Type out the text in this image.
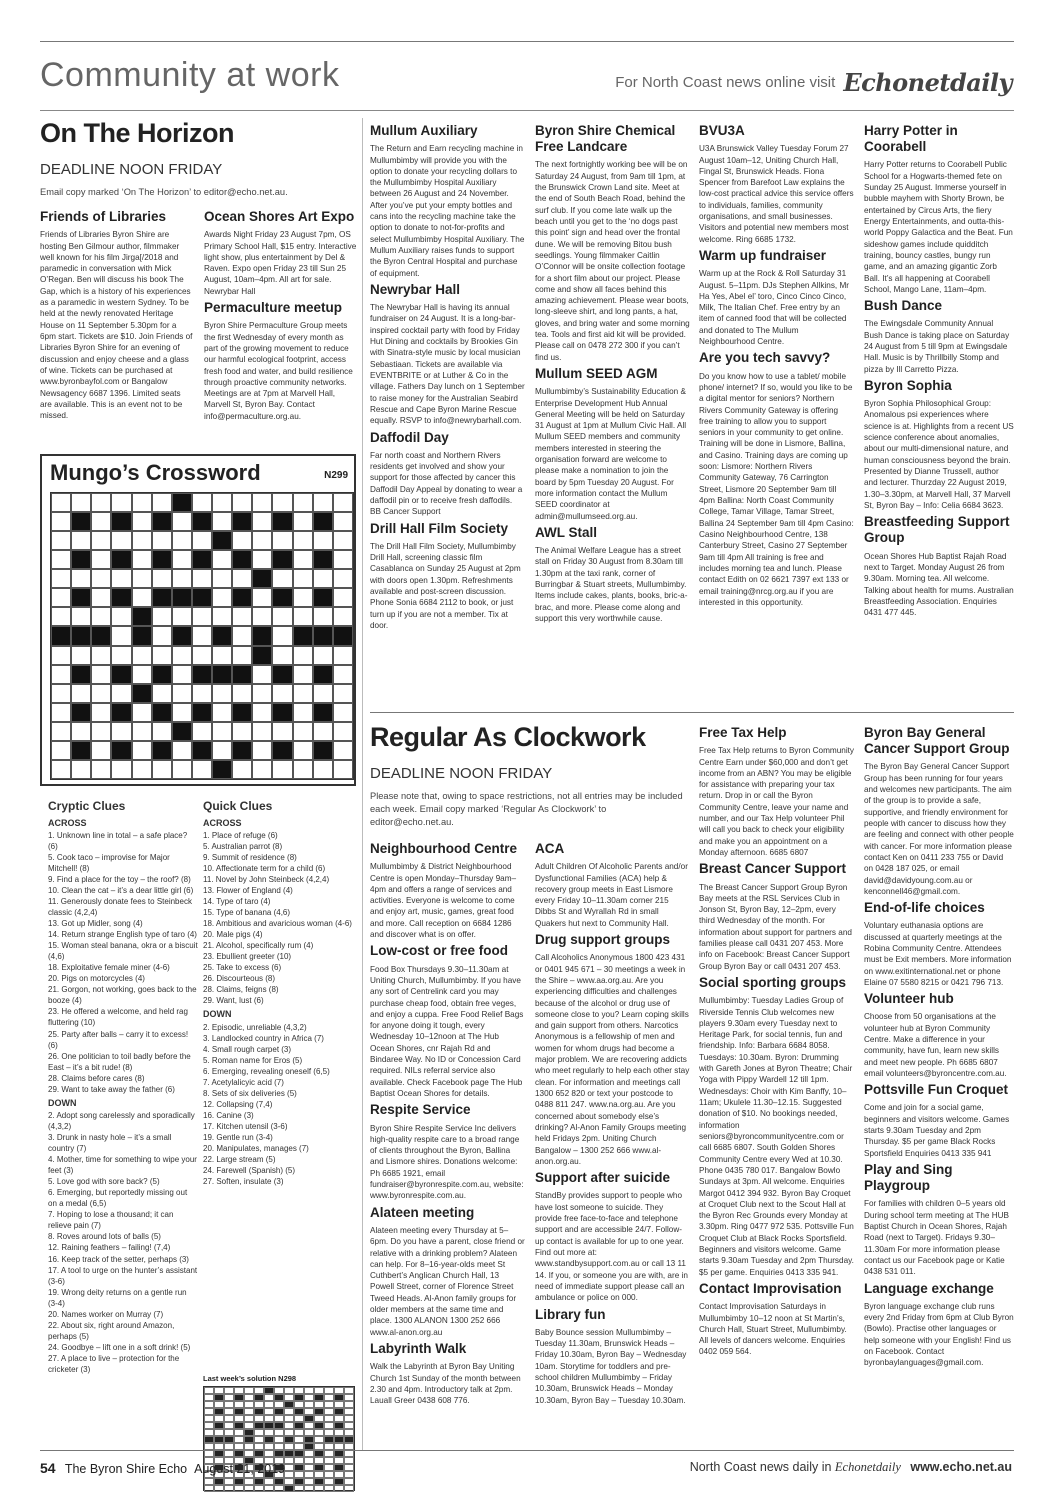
Community at work	For North Coast news online visit Echonetdaily
On The Horizon
DEADLINE NOON FRIDAY
Email copy marked ‘On The Horizon’ to editor@echo.net.au.
Friends of Libraries

Friends of Libraries Byron Shire are hosting Ben Gilmour author, filmmaker well known for his film Jirga[/2018 and paramedic in conversation with Mick O’Regan. Ben will discuss his book The Gap, which is a history of his experiences as a paramedic in western Sydney. To be held at the newly renovated Heritage House on 11 September 5.30pm for a 6pm start. Tickets are $10. Join Friends of Libraries Byron Shire for an evening of discussion and enjoy cheese and a glass of wine. Tickets can be purchased at www.byronbayfol.com or Bangalow Newsagency 6687 1396. Limited seats are available. This is an event not to be missed.

Ocean Shores Art Expo

Awards Night Friday 23 August 7pm, OS Primary School Hall, $15 entry. Interactive light show, plus entertainment by Del & Raven. Expo open Friday 23 till Sun 25 August, 10am–4pm. All art for sale. Newrybar Hall

Permaculture meetup

Byron Shire Permaculture Group meets the first Wednesday of every month as part of the growing movement to reduce our harmful ecological footprint, access fresh food and water, and build resilience through proactive community networks. Meetings are at 7pm at Marvell Hall, Marvell St, Byron Bay. Contact info@permaculture.org.au.

Mullum Auxiliary

The Return and Earn recycling machine in Mullumbimby will provide you with the option to donate your recycling dollars to the Mullumbimby Hospital Auxiliary between 26 August and 24 November. After you’ve put your empty bottles and cans into the recycling machine take the option to donate to not-for-profits and select Mullumbimby Hospital Auxiliary. The Mullum Auxiliary raises funds to support the Byron Central Hospital and purchase of equipment.

Newrybar Hall

The Newrybar Hall is having its annual fundraiser on 24 August. It is a long-bar-inspired cocktail party with food by Friday Hut Dining and cocktails by Brookies Gin with Sinatra-style music by local musician Sebastiaan. Tickets are available via EVENTBRITE or at Luther & Co in the village. Fathers Day lunch on 1 September to raise money for the Australian Seabird Rescue and Cape Byron Marine Rescue equally. RSVP to info@newrybarhall.com.

Daffodil Day

Far north coast and Northern Rivers residents get involved and show your support for those affected by cancer this Daffodil Day Appeal by donating to wear a daffodil pin or to receive fresh daffodils. BB Cancer Support

Drill Hall Film Society

The Drill Hall Film Society, Mullumbimby Drill Hall, screening classic film Casablanca on Sunday 25 August at 2pm with doors open 1.30pm. Refreshments available and post-screen discussion. Phone Sonia 6684 2112 to book, or just turn up if you are not a member. Tix at door.

Byron Shire Chemical Free Landcare

The next fortnightly working bee will be on Saturday 24 August, from 9am till 1pm, at the Brunswick Crown Land site. Meet at the end of South Beach Road, behind the surf club. If you come late walk up the beach until you get to the ‘no dogs past this point’ sign and head over the frontal dune. We will be removing Bitou bush seedlings. Young filmmaker Caitlin O’Connor will be onsite collection footage for a short film about our project. Please come and show all faces behind this amazing achievement. Please wear boots, long-sleeve shirt, and long pants, a hat, gloves, and bring water and some morning tea. Tools and first aid kit will be provided. Please call on 0478 272 300 if you can’t find us.

Mullum SEED AGM

Mullumbimby’s Sustainability Education & Enterprise Development Hub Annual General Meeting will be held on Saturday 31 August at 1pm at Mullum Civic Hall. All Mullum SEED members and community members interested in steering the organisation forward are welcome to please make a nomination to join the board by 5pm Tuesday 20 August. For more information contact the Mullum SEED coordinator at admin@mullumseed.org.au.

AWL Stall

The Animal Welfare League has a street stall on Friday 30 August from 8.30am till 1.30pm at the taxi rank, corner of Burringbar & Stuart streets, Mullumbimby. Items include cakes, plants, books, bric-a-brac, and more. Please come along and support this very worthwhile cause.

BVU3A

U3A Brunswick Valley Tuesday Forum 27 August 10am–12, Uniting Church Hall, Fingal St, Brunswick Heads. Fiona Spencer from Barefoot Law explains the low-cost practical advice this service offers to individuals, families, community organisations, and small businesses. Visitors and potential new members most welcome. Ring 6685 1732.

Warm up fundraiser

Warm up at the Rock & Roll Saturday 31 August. 5–11pm. DJs Stephen Allkins, Mr Ha Yes, Abel el’ toro, Cinco Cinco Cinco, Milk, The Italian Chef. Free entry by an item of canned food that will be collected and donated to The Mullum Neighbourhood Centre.

Are you tech savvy?

Do you know how to use a tablet/ mobile phone/ internet? If so, would you like to be a digital mentor for seniors? Northern Rivers Community Gateway is offering free training to allow you to support seniors in your community to get online. Training will be done in Lismore, Ballina, and Casino. Training days are coming up soon: Lismore: Northern Rivers Community Gateway, 76 Carrington Street, Lismore 20 September 9am till 4pm Ballina: North Coast Community College, Tamar Village, Tamar Street, Ballina 24 September 9am till 4pm Casino: Casino Neighbourhood Centre, 138 Canterbury Street, Casino 27 September 9am till 4pm All training is free and includes morning tea and lunch. Please contact Edith on 02 6621 7397 ext 133 or email training@nrcg.org.au if you are interested in this opportunity.

Harry Potter in Coorabell

Harry Potter returns to Coorabell Public School for a Hogwarts-themed fete on Sunday 25 August. Immerse yourself in bubble mayhem with Shorty Brown, be entertained by Circus Arts, the fiery Energy Entertainments, and outta-this-world Poppy Galactica and the Beat. Fun sideshow games include quidditch training, bouncy castles, bungy run game, and an amazing gigantic Zorb Ball. It’s all happening at Coorabell School, Mango Lane, 11am–4pm.

Bush Dance

The Ewingsdale Community Annual Bush Dance is taking place on Saturday 24 August from 5 till 9pm at Ewingsdale Hall. Music is by Thrillbilly Stomp and pizza by Ill Carretto Pizza.

Byron Sophia

Byron Sophia Philosophical Group: Anomalous psi experiences where science is at. Highlights from a recent US science conference about anomalies, about our multi-dimensional nature, and human consciousness beyond the brain. Presented by Dianne Trussell, author and lecturer. Thurzday 22 August 2019, 1.30–3.30pm, at Marvell Hall, 37 Marvell St, Byron Bay – Info: Celia 6684 3623.

Breastfeeding Support Group

Ocean Shores Hub Baptist Rajah Road next to Target. Monday August 26 from 9.30am. Morning tea. All welcome. Talking about health for mums. Australian Breastfeeding Association. Enquiries 0431 477 445.

Mungo’s Crossword	N299
Cryptic Clues
ACROSS
1. Unknown line in total – a safe place? (6)
5. Cook taco – improvise for Major Mitchell! (8)
9. Find a place for the toy – the roof? (8)
10. Clean the cat – it’s a dear little girl (6)
11. Generously donate fees to Steinbeck classic (4,2,4)
13. Got up Midler, song (4)
14. Return strange English type of taro (4)
15. Woman steal banana, okra or a biscuit (4,6)
18. Exploitative female miner (4-6)
20. Pigs on motorcycles (4)
21. Gorgon, not working, goes back to the booze (4)
23. He offered a welcome, and held rag fluttering (10)
25. Party after balls – carry it to excess! (6)
26. One politician to toil badly before the East – it’s a bit rude! (8)
28. Claims before cares (8)
29. Want to take away the father (6)
DOWN
2. Adopt song carelessly and sporadically (4,3,2)
3. Drunk in nasty hole – it’s a small country (7)
4. Mother, time for something to wipe your feet (3)
5. Love god with sore back? (5)
6. Emerging, but reportedly missing out on a medal (6,5)
7. Hoping to lose a thousand; it can relieve pain (7)
8. Roves around lots of balls (5)
12. Raining feathers – failing! (7,4)
16. Keep track of the setter, perhaps (3)
17. A tool to urge on the hunter’s assistant (3-6)
19. Wrong deity returns on a gentle run (3-4)
20. Names worker on Murray (7)
22. About six, right around Amazon, perhaps (5)
24. Goodbye – lift one in a soft drink! (5)
27. A place to live – protection for the cricketer (3)
Quick Clues
ACROSS
1. Place of refuge (6)
5. Australian parrot (8)
9. Summit of residence (8)
10. Affectionate term for a child (6)
11. Novel by John Steinbeck (4,2,4)
13. Flower of England (4)
14. Type of taro (4)
15. Type of banana (4,6)
18. Ambitious and avaricious woman (4-6)
20. Male pigs (4)
21. Alcohol, specifically rum (4)
23. Ebullient greeter (10)
25. Take to excess (6)
26. Discourteous (8)
28. Claims, feigns (8)
29. Want, lust (6)
DOWN
2. Episodic, unreliable (4,3,2)
3. Landlocked country in Africa (7)
4. Small rough carpet (3)
5. Roman name for Eros (5)
6. Emerging, revealing oneself (6,5)
7. Acetylalicyic acid (7)
8. Sets of six deliveries (5)
12. Collapsing (7,4)
16. Canine (3)
17. Kitchen utensil (3-6)
19. Gentle run (3-4)
20. Manipulates, manages (7)
22. Large stream (5)
24. Farewell (Spanish) (5)
27. Soften, insulate (3)
Last week’s solution N298
Regular As Clockwork
DEADLINE NOON FRIDAY
Please note that, owing to space restrictions, not all entries may be included each week. Email copy marked ‘Regular As Clockwork’ to editor@echo.net.au.
Neighbourhood Centre

Mullumbimby & District Neighbourhood Centre is open Monday–Thursday 9am–4pm and offers a range of services and activities. Everyone is welcome to come and enjoy art, music, games, great food and more. Call reception on 6684 1286 and discover what is on offer.

Low-cost or free food

Food Box Thursdays 9.30–11.30am at Uniting Church, Mullumbimby. If you have any sort of Centrelink card you may purchase cheap food, obtain free veges, and enjoy a cuppa. Free Food Relief Bags for anyone doing it tough, every Wednesday 10–12noon at The Hub Ocean Shores, cnr Rajah Rd and Bindaree Way. No ID or Concession Card required. NILs referral service also available. Check Facebook page The Hub Baptist Ocean Shores for details.

Respite Service

Byron Shire Respite Service Inc delivers high-quality respite care to a broad range of clients throughout the Byron, Ballina and Lismore shires. Donations welcome: Ph 6685 1921, email fundraiser@byronrespite.com.au, website: www.byronrespite.com.au.

Alateen meeting

Alateen meeting every Thursday at 5–6pm. Do you have a parent, close friend or relative with a drinking problem? Alateen can help. For 8–16-year-olds meet St Cuthbert’s Anglican Church Hall, 13 Powell Street, corner of Florence Street Tweed Heads. Al-Anon family groups for older members at the same time and place. 1300 ALANON 1300 252 666 www.al-anon.org.au

Labyrinth Walk

Walk the Labyrinth at Byron Bay Uniting Church 1st Sunday of the month between 2.30 and 4pm. Introductory talk at 2pm. Lauall Greer 0438 608 776.

ACA

Adult Children Of Alcoholic Parents and/or Dysfunctional Families (ACA) help & recovery group meets in East Lismore every Friday 10–11.30am corner 215 Dibbs St and Wyrallah Rd in small Quakers hut next to Community Hall.

Drug support groups

Call Alcoholics Anonymous 1800 423 431 or 0401 945 671 – 30 meetings a week in the Shire – www.aa.org.au. Are you experiencing difficulties and challenges because of the alcohol or drug use of someone close to you? Learn coping skills and gain support from others. Narcotics Anonymous is a fellowship of men and women for whom drugs had become a major problem. We are recovering addicts who meet regularly to help each other stay clean. For information and meetings call 1300 652 820 or text your postcode to 0488 811 247. www.na.org.au. Are you concerned about somebody else’s drinking? Al-Anon Family Groups meeting held Fridays 2pm. Uniting Church Bangalow – 1300 252 666 www.al-anon.org.au.

Support after suicide

StandBy provides support to people who have lost someone to suicide. They provide free face-to-face and telephone support and are accessible 24/7. Follow-up contact is available for up to one year. Find out more at: www.standbysupport.com.au or call 13 11 14. If you, or someone you are with, are in need of immediate support please call an ambulance or police on 000.

Library fun

Baby Bounce session Mullumbimby – Tuesday 11.30am, Brunswick Heads – Friday 10.30am, Byron Bay – Wednesday 10am. Storytime for toddlers and pre-school children Mullumbimby – Friday 10.30am, Brunswick Heads – Monday 10.30am, Byron Bay – Tuesday 10.30am.

Free Tax Help

Free Tax Help returns to Byron Community Centre Earn under $60,000 and don’t get income from an ABN? You may be eligible for assistance with preparing your tax return. Drop in or call the Byron Community Centre, leave your name and number, and our Tax Help volunteer Phil will call you back to check your eligibility and make you an appointment on a Monday afternoon. 6685 6807

Breast Cancer Support

The Breast Cancer Support Group Byron Bay meets at the RSL Services Club in Jonson St, Byron Bay, 12–2pm, every third Wednesday of the month. For information about support for partners and families please call 0431 207 453. More info on Facebook: Breast Cancer Support Group Byron Bay or call 0431 207 453.

Social sporting groups

Mullumbimby: Tuesday Ladies Group of Riverside Tennis Club welcomes new players 9.30am every Tuesday next to Heritage Park, for social tennis, fun and friendship. Info: Barbara 6684 8058. Tuesdays: 10.30am. Byron: Drumming with Gareth Jones at Byron Theatre; Chair Yoga with Pippy Wardell 12 till 1pm. Wednesdays: Choir with Kim Banffy, 10–11am; Ukulele 11.30–12.15. Suggested donation of $10. No bookings needed, information seniors@byroncommunitycentre.com or call 6685 6807. South Golden Shores Community Centre every Wed at 10.30. Phone 0435 780 017. Bangalow Bowlo Sundays at 3pm. All welcome. Enquiries Margot 0412 394 932. Byron Bay Croquet at Croquet Club next to the Scout Hall at the Byron Rec Grounds every Monday at 3.30pm. Ring 0477 972 535. Pottsville Fun Croquet Club at Black Rocks Sportsfield. Beginners and visitors welcome. Game starts 9.30am Tuesday and 2pm Thursday. $5 per game. Enquiries 0413 335 941.

Contact Improvisation

Contact Improvisation Saturdays in Mullumbimby 10–12 noon at St Martin’s, Church Hall, Stuart Street, Mullumbimby. All levels of dancers welcome. Enquiries 0402 059 564.

Byron Bay General Cancer Support Group

The Byron Bay General Cancer Support Group has been running for four years and welcomes new participants. The aim of the group is to provide a safe, supportive, and friendly environment for people with cancer to discuss how they are feeling and connect with other people with cancer. For more information please contact Ken on 0411 233 755 or David on 0428 187 025, or email david@davidyoung.com.au or kenconnell46@gmail.com.

End-of-life choices

Voluntary euthanasia options are discussed at quarterly meetings at the Robina Community Centre. Attendees must be Exit members. More information on www.exitinternational.net or phone Elaine 07 5580 8215 or 0421 796 713.

Volunteer hub

Choose from 50 organisations at the volunteer hub at Byron Community Centre. Make a difference in your community, have fun, learn new skills and meet new people. Ph 6685 6807 email volunteers@byroncentre.com.au.

Pottsville Fun Croquet

Come and join for a social game, beginners and visitors welcome. Games starts 9.30am Tuesday and 2pm Thursday. $5 per game Black Rocks Sportsfield Enquiries 0413 335 941

Play and Sing Playgroup

For families with children 0–5 years old During school term meeting at The HUB Baptist Church in Ocean Shores, Rajah Road (next to Target). Fridays 9.30–11.30am For more information please contact us our Facebook page or Katie 0438 531 011.

Language exchange

Byron language exchange club runs every 2nd Friday from 6pm at Club Byron (Bowlo). Practise other languages or help someone with your English! Find us on Facebook. Contact byronbaylanguages@gmail.com.

54 The Byron Shire Echo August 21, 2019	North Coast news daily in Echonetdaily www.echo.net.au
